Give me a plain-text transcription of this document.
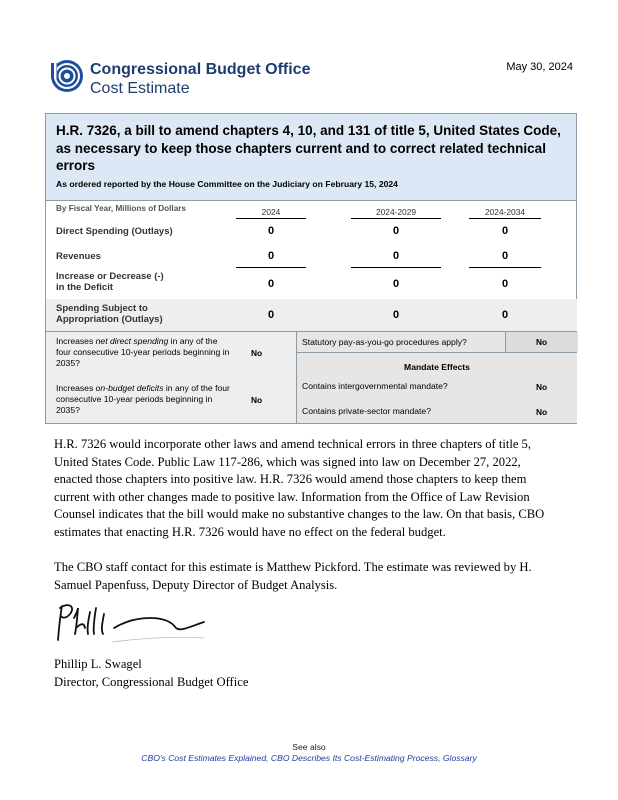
Congressional Budget Office
Cost Estimate
May 30, 2024
H.R. 7326, a bill to amend chapters 4, 10, and 131 of title 5, United States Code, as necessary to keep those chapters current and to correct related technical errors
As ordered reported by the House Committee on the Judiciary on February 15, 2024
By Fiscal Year, Millions of Dollars	2024	2024-2029	2024-2034
Direct Spending (Outlays)	0	0	0
Revenues	0	0	0
Increase or Decrease (-)
in the Deficit	0	0	0
Spending Subject to
Appropriation (Outlays)	0	0	0
Increases net direct spending in any of the four consecutive 10-year periods beginning in 2035?
No
Increases on-budget deficits in any of the four consecutive 10-year periods beginning in 2035?
No
Statutory pay-as-you-go procedures apply?	No
Mandate Effects
Contains intergovernmental mandate?	No
Contains private-sector mandate?	No
H.R. 7326 would incorporate other laws and amend technical errors in three chapters of title 5, United States Code. Public Law 117-286, which was signed into law on December 27, 2022, enacted those chapters into positive law. H.R. 7326 would amend those chapters to keep them current with other changes made to positive law. Information from the Office of Law Revision Counsel indicates that the bill would make no substantive changes to the law. On that basis, CBO estimates that enacting H.R. 7326 would have no effect on the federal budget.
The CBO staff contact for this estimate is Matthew Pickford. The estimate was reviewed by H. Samuel Papenfuss, Deputy Director of Budget Analysis.
Phillip L. Swagel
Director, Congressional Budget Office
See also
CBO's Cost Estimates Explained, CBO Describes Its Cost-Estimating Process, Glossary
